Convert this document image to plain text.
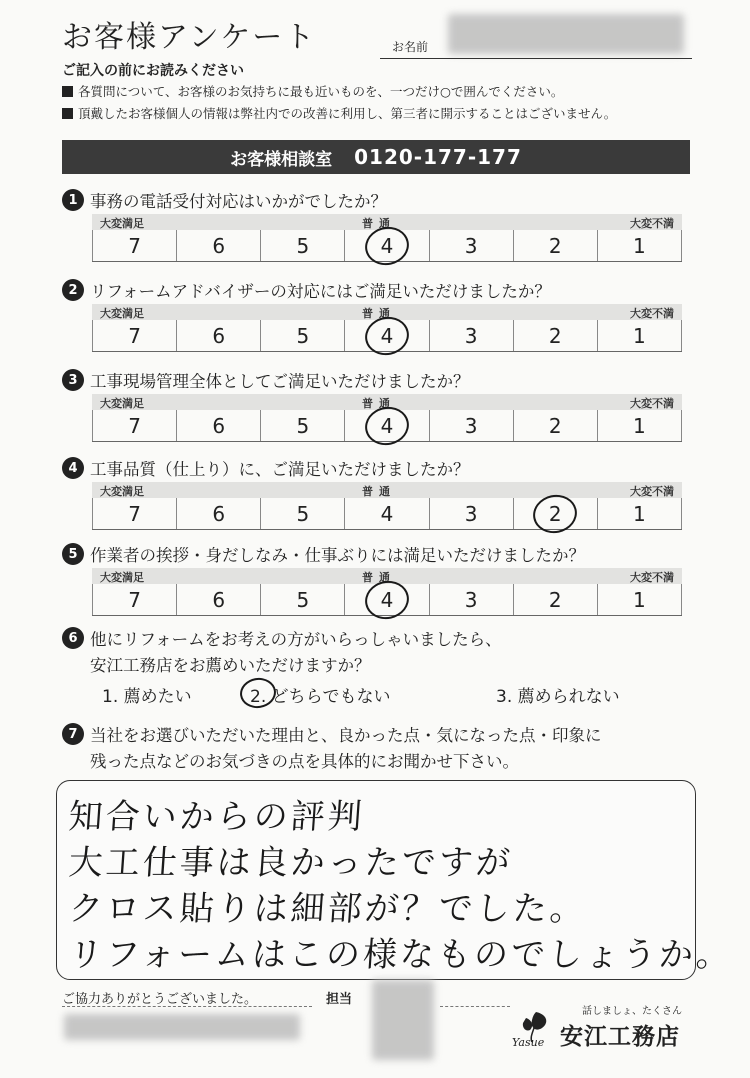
お客様アンケート	お名前
ご記入の前にお読みください
各質問について、お客様のお気持ちに最も近いものを、一つだけ○で囲んでください。
頂戴したお客様個人の情報は弊社内での改善に利用し、第三者に開示することはございません。
お客様相談室 0120-177-177
1 事務の電話受付対応はいかがでしたか？
大変満足	普通	大変不満
7	6	5	4	3	2	1
2 リフォームアドバイザーの対応にはご満足いただけましたか？
大変満足	普通	大変不満
7	6	5	4	3	2	1
3 工事現場管理全体としてご満足いただけましたか？
大変満足	普通	大変不満
7	6	5	4	3	2	1
4 工事品質（仕上り）に、ご満足いただけましたか？
大変満足	普通	大変不満
7	6	5	4	3	2	1
5 作業者の挨拶・身だしなみ・仕事ぶりには満足いただけましたか？
大変満足	普通	大変不満
7	6	5	4	3	2	1
6 他にリフォームをお考えの方がいらっしゃいましたら、
安江工務店をお薦めいただけますか？
1. 薦めたい	2. どちらでもない	3. 薦められない
7 当社をお選びいただいた理由と、良かった点・気になった点・印象に
残った点などのお気づきの点を具体的にお聞かせ下さい。
知合いからの評判
大工仕事は良かったですが
クロス貼りは細部が？でした。
リフォームはこの様なものでしょうか。
ご協力ありがとうございました。	担当
話しましょ、たくさん
Yasue 安江工務店
